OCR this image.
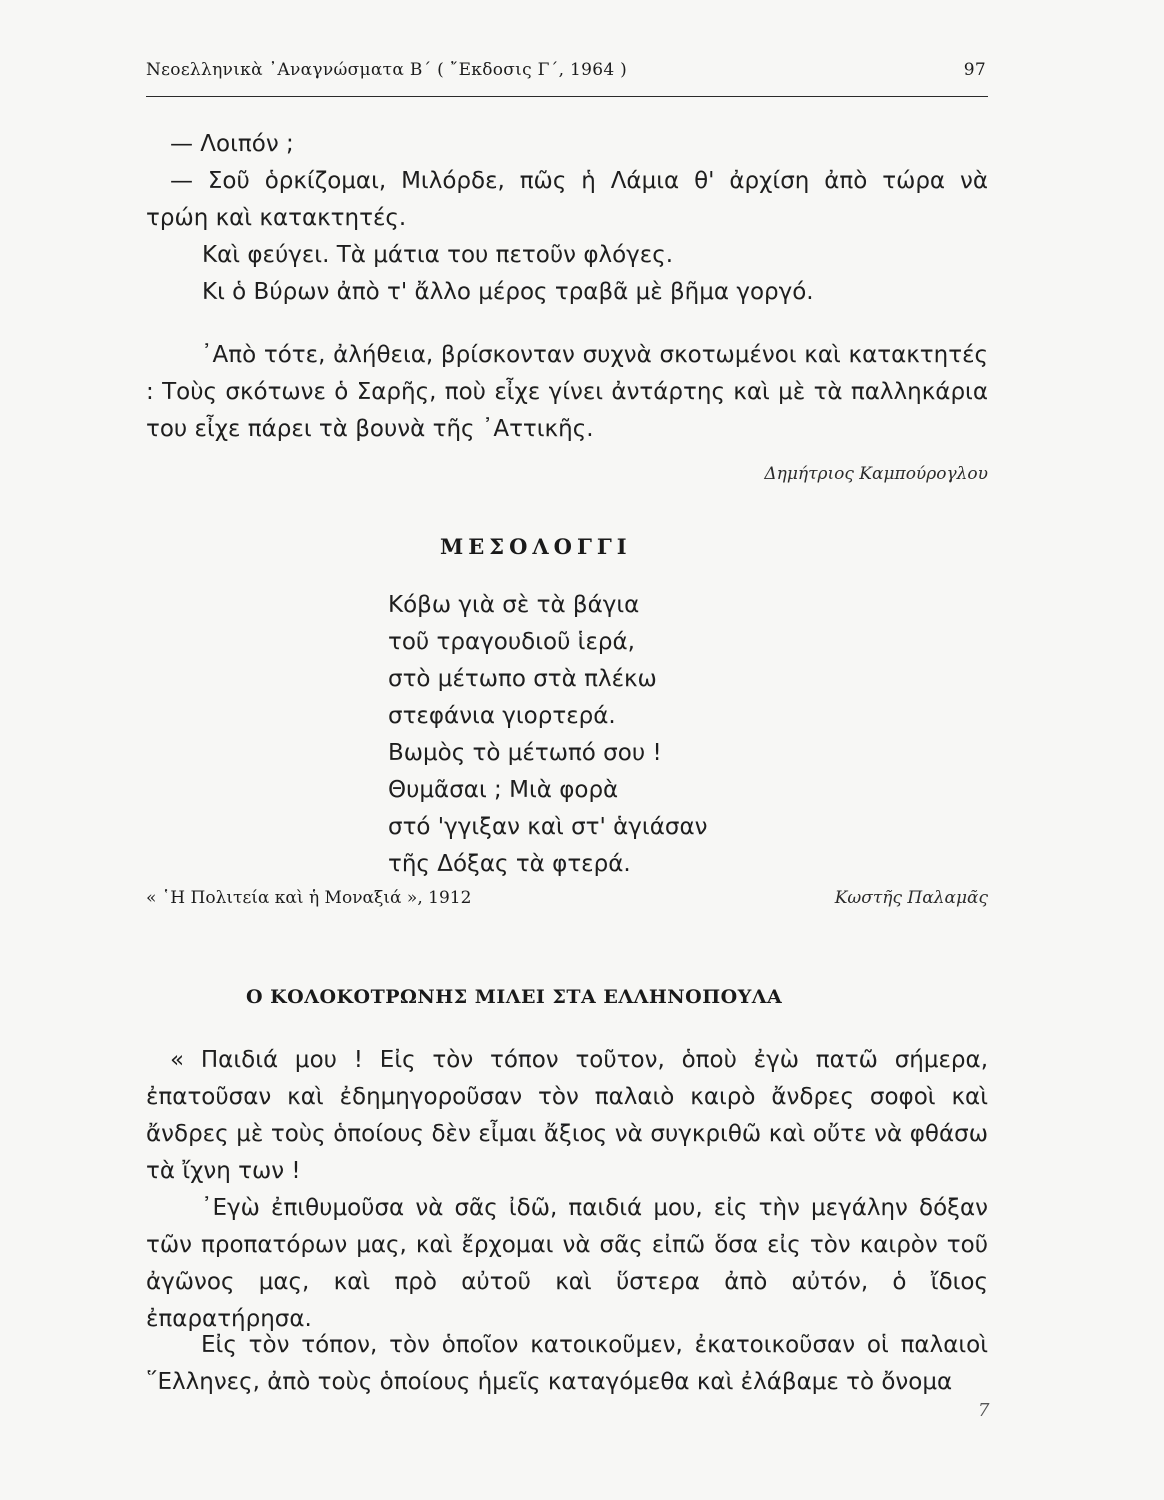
Νεοελληνικὰ ᾿Αναγνώσματα Β΄ ( ῎Εκδοσις Γ΄, 1964 )	97
— Λοιπόν ;
— Σοῦ ὁρκίζομαι, Μιλόρδε, πῶς ἡ Λάμια θ' ἀρχίση ἀπὸ τώρα νὰ
τρώη καὶ κατακτητές.
Καὶ φεύγει. Τὰ μάτια του πετοῦν φλόγες.
Κι ὁ Βύρων ἀπὸ τ' ἄλλο μέρος τραβᾶ μὲ βῆμα γοργό.

᾿Απὸ τότε, ἀλήθεια, βρίσκονταν συχνὰ σκοτωμένοι καὶ κατακτητές : Τοὺς σκότωνε ὁ Σαρῆς, ποὺ εἶχε γίνει ἀντάρτης καὶ μὲ τὰ παλληκάρια του εἶχε πάρει τὰ βουνὰ τῆς ᾿Αττικῆς.

Δημήτριος Καμπούρογλου
ΜΕΣΟΛΟΓΓΙ
Κόβω γιὰ σὲ τὰ βάγια
τοῦ τραγουδιοῦ ἱερά,
στὸ μέτωπο στὰ πλέκω
στεφάνια γιορτερά.
Βωμὸς τὸ μέτωπό σου !
Θυμᾶσαι ; Μιὰ φορὰ
στό 'γγιξαν καὶ στ' ἁγιάσαν
τῆς Δόξας τὰ φτερά.
« ῾Η Πολιτεία καὶ ἡ Μοναξιά », 1912	Κωστῆς Παλαμᾶς
Ο ΚΟΛΟΚΟΤΡΩΝΗΣ ΜΙΛΕΙ ΣΤΑ ΕΛΛΗΝΟΠΟΥΛΑ

« Παιδιά μου ! Εἰς τὸν τόπον τοῦτον, ὁποὺ ἐγὼ πατῶ σήμερα, ἐπατοῦσαν καὶ ἐδημηγοροῦσαν τὸν παλαιὸ καιρὸ ἄνδρες σοφοὶ καὶ ἄνδρες μὲ τοὺς ὁποίους δὲν εἶμαι ἄξιος νὰ συγκριθῶ καὶ οὔτε νὰ φθάσω τὰ ἴχνη των !

᾿Εγὼ ἐπιθυμοῦσα νὰ σᾶς ἰδῶ, παιδιά μου, εἰς τὴν μεγάλην δόξαν τῶν προπατόρων μας, καὶ ἔρχομαι νὰ σᾶς εἰπῶ ὅσα εἰς τὸν καιρὸν τοῦ ἀγῶνος μας, καὶ πρὸ αὐτοῦ καὶ ὕστερα ἀπὸ αὐτόν, ὁ ἴδιος ἐπαρατήρησα.

Εἰς τὸν τόπον, τὸν ὁποῖον κατοικοῦμεν, ἐκατοικοῦσαν οἱ παλαιοὶ ῞Ελληνες, ἀπὸ τοὺς ὁποίους ἡμεῖς καταγόμεθα καὶ ἐλάβαμε τὸ ὄνομα

7
